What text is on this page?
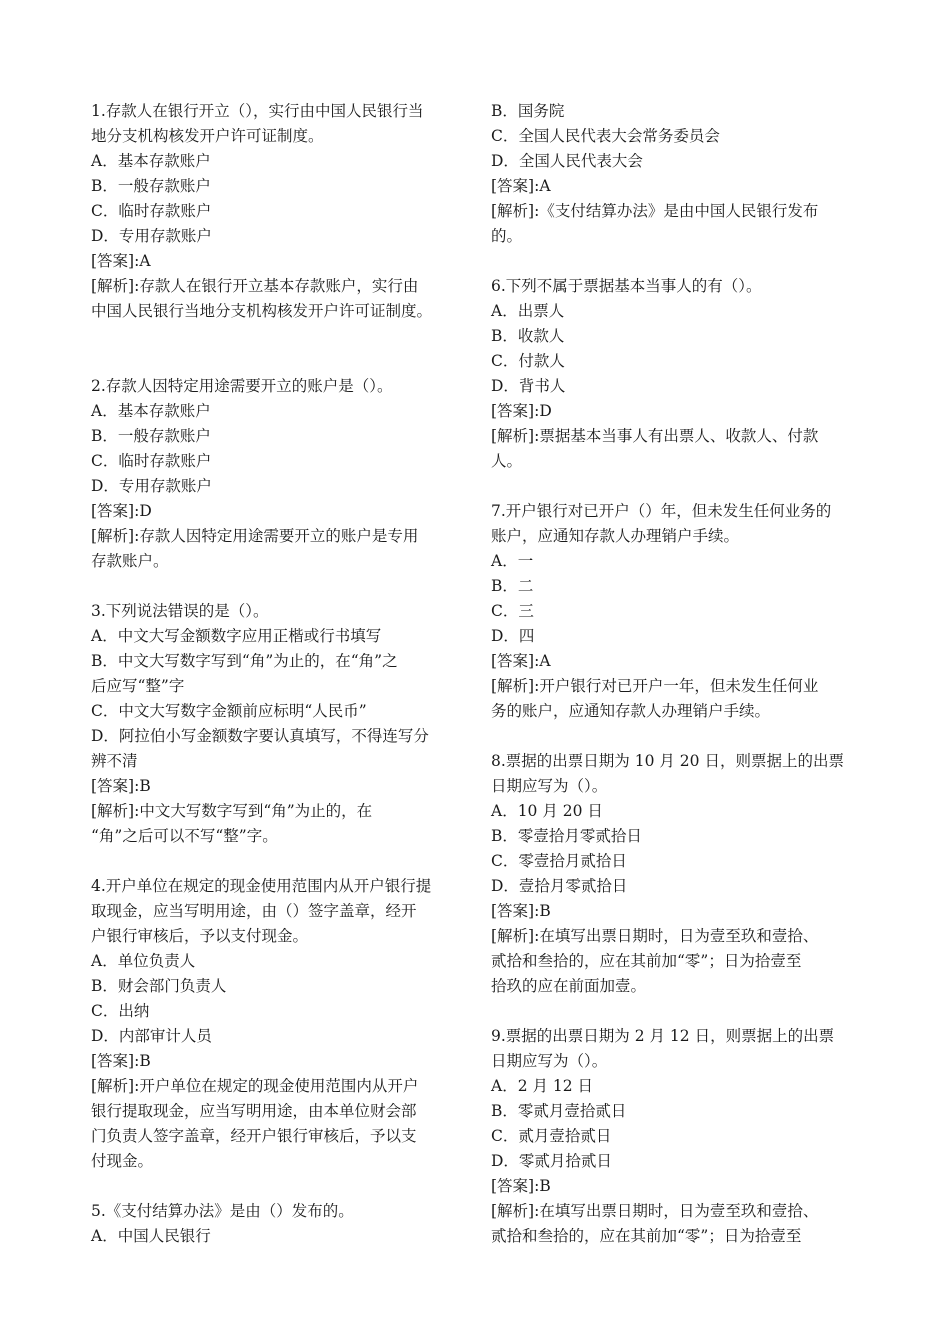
1.存款人在银行开立（），实行由中国人民银行当
地分支机构核发开户许可证制度。
A．基本存款账户
B．一般存款账户
C．临时存款账户
D．专用存款账户
[答案]:A
[解析]:存款人在银行开立基本存款账户，实行由
中国人民银行当地分支机构核发开户许可证制度。
2.存款人因特定用途需要开立的账户是（）。
A．基本存款账户
B．一般存款账户
C．临时存款账户
D．专用存款账户
[答案]:D
[解析]:存款人因特定用途需要开立的账户是专用
存款账户。
3.下列说法错误的是（）。
A．中文大写金额数字应用正楷或行书填写
B．中文大写数字写到“角”为止的，在“角”之
后应写“整”字
C．中文大写数字金额前应标明“人民币”
D．阿拉伯小写金额数字要认真填写，不得连写分
辨不清
[答案]:B
[解析]:中文大写数字写到“角”为止的，在
“角”之后可以不写“整”字。
4.开户单位在规定的现金使用范围内从开户银行提
取现金，应当写明用途，由（）签字盖章，经开
户银行审核后，予以支付现金。
A．单位负责人
B．财会部门负责人
C．出纳
D．内部审计人员
[答案]:B
[解析]:开户单位在规定的现金使用范围内从开户
银行提取现金，应当写明用途，由本单位财会部
门负责人签字盖章，经开户银行审核后，予以支
付现金。
5.《支付结算办法》是由（）发布的。
A．中国人民银行
B．国务院
C．全国人民代表大会常务委员会
D．全国人民代表大会
[答案]:A
[解析]:《支付结算办法》是由中国人民银行发布
的。
6.下列不属于票据基本当事人的有（）。
A．出票人
B．收款人
C．付款人
D．背书人
[答案]:D
[解析]:票据基本当事人有出票人、收款人、付款
人。
7.开户银行对已开户（）年，但未发生任何业务的
账户，应通知存款人办理销户手续。
A．一
B．二
C．三
D．四
[答案]:A
[解析]:开户银行对已开户一年，但未发生任何业
务的账户，应通知存款人办理销户手续。
8.票据的出票日期为 10 月 20 日，则票据上的出票
日期应写为（）。
A．10 月 20 日
B．零壹拾月零贰拾日
C．零壹拾月贰拾日
D．壹拾月零贰拾日
[答案]:B
[解析]:在填写出票日期时，日为壹至玖和壹拾、
贰拾和叁拾的，应在其前加“零”；日为拾壹至
拾玖的应在前面加壹。
9.票据的出票日期为 2 月 12 日，则票据上的出票
日期应写为（）。
A．2 月 12 日
B．零贰月壹拾贰日
C．贰月壹拾贰日
D．零贰月拾贰日
[答案]:B
[解析]:在填写出票日期时，日为壹至玖和壹拾、
贰拾和叁拾的，应在其前加“零”；日为拾壹至
